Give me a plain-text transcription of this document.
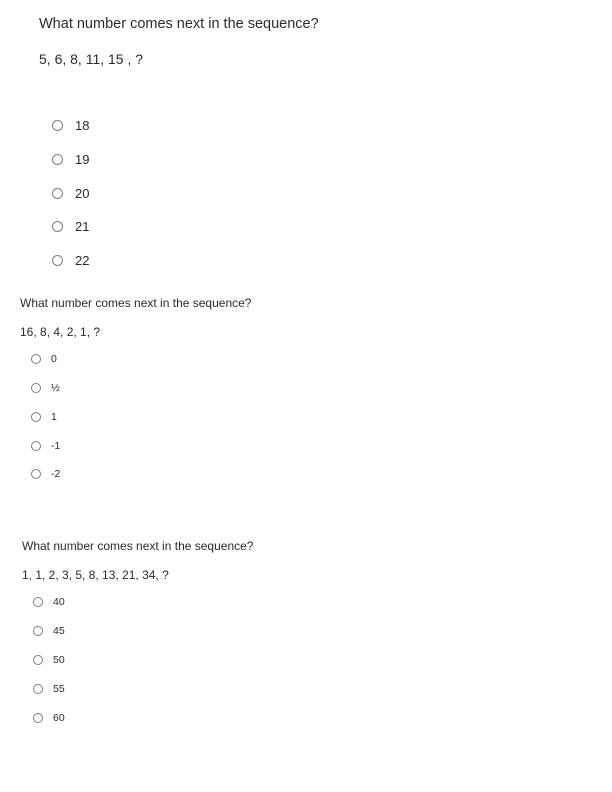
What number comes next in the sequence?
5, 6, 8, 11, 15 , ?
18
19
20
21
22
What number comes next in the sequence?
16, 8, 4, 2, 1, ?
0
½
1
-1
-2
What number comes next in the sequence?
1, 1, 2, 3, 5, 8, 13, 21, 34, ?
40
45
50
55
60
